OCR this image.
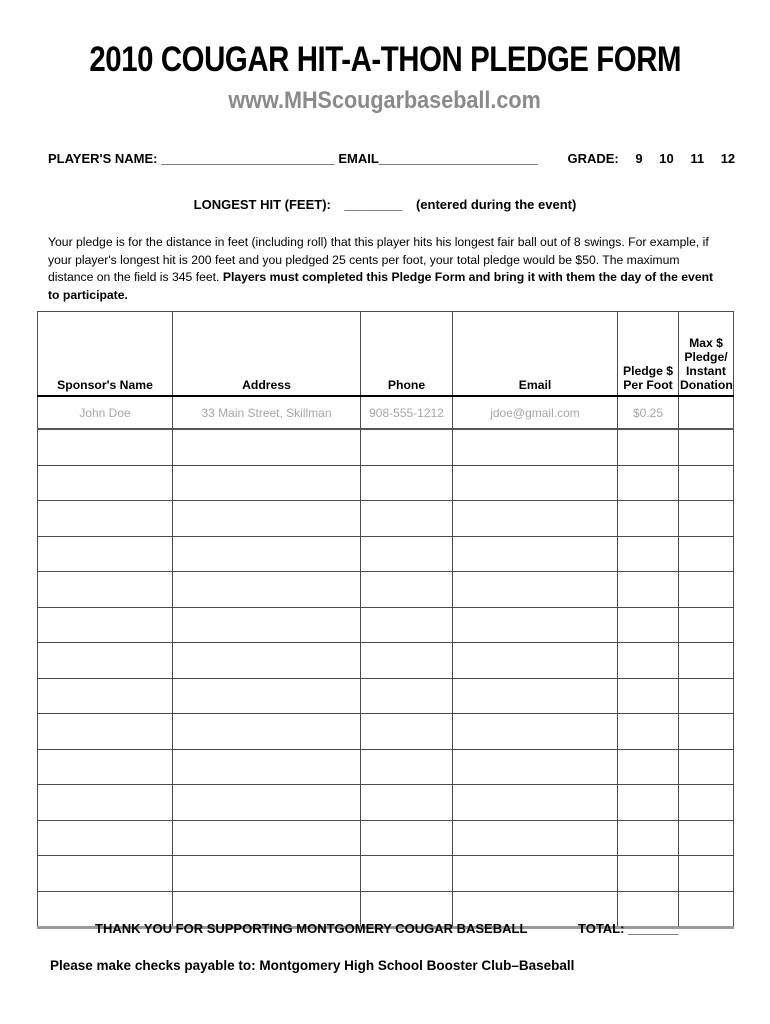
2010 COUGAR HIT-A-THON PLEDGE FORM
www.MHScougarbaseball.com
PLAYER'S NAME: ________________________ EMAIL______________________ GRADE: 9 10 11 12
LONGEST HIT (FEET): ________ (entered during the event)
Your pledge is for the distance in feet (including roll) that this player hits his longest fair ball out of 8 swings. For example, if your player's longest hit is 200 feet and you pledged 25 cents per foot, your total pledge would be $50. The maximum distance on the field is 345 feet. Players must completed this Pledge Form and bring it with them the day of the event to participate.
Sponsor's Name	Address	Phone	Email	Pledge $ Per Foot	Max $ Pledge/ Instant Donation
John Doe	33 Main Street, Skillman	908-555-1212	jdoe@gmail.com	$0.25	

THANK YOU FOR SUPPORTING MONTGOMERY COUGAR BASEBALL	TOTAL: _______
Please make checks payable to: Montgomery High School Booster Club–Baseball
